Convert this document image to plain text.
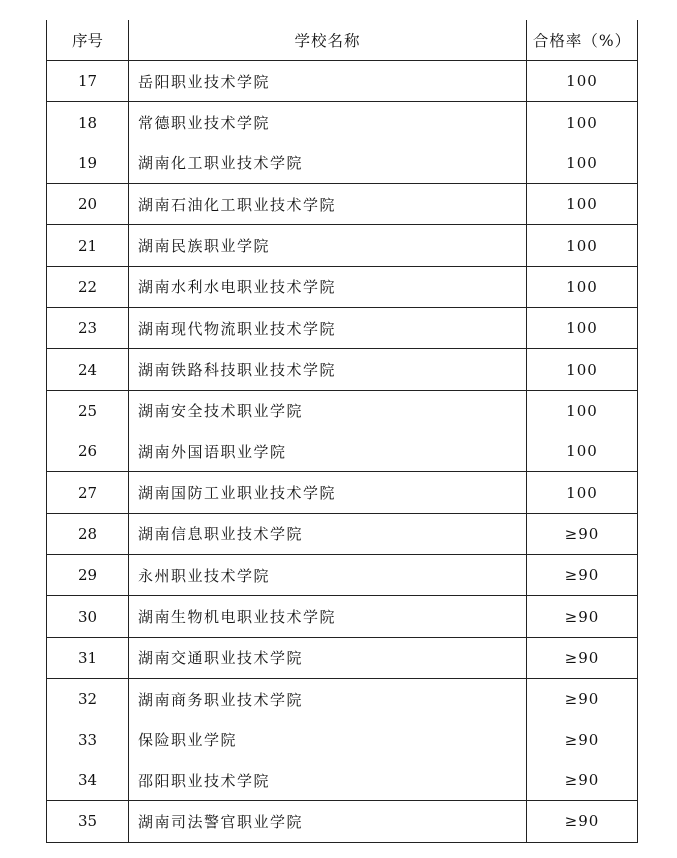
序号	学校名称	合格率（%）
17	岳阳职业技术学院	100
18	常德职业技术学院	100
19	湖南化工职业技术学院	100
20	湖南石油化工职业技术学院	100
21	湖南民族职业学院	100
22	湖南水利水电职业技术学院	100
23	湖南现代物流职业技术学院	100
24	湖南铁路科技职业技术学院	100
25	湖南安全技术职业学院	100
26	湖南外国语职业学院	100
27	湖南国防工业职业技术学院	100
28	湖南信息职业技术学院	≥90
29	永州职业技术学院	≥90
30	湖南生物机电职业技术学院	≥90
31	湖南交通职业技术学院	≥90
32	湖南商务职业技术学院	≥90
33	保险职业学院	≥90
34	邵阳职业技术学院	≥90
35	湖南司法警官职业学院	≥90
